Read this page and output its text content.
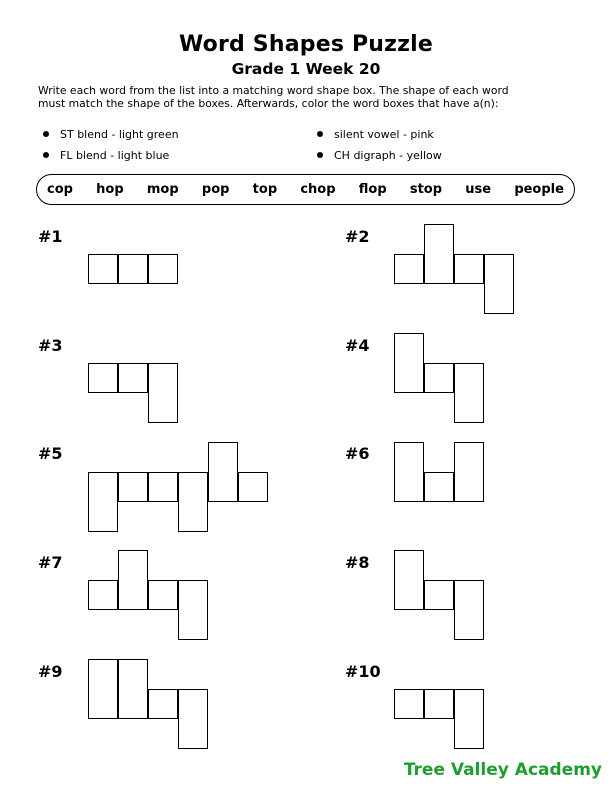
Word Shapes Puzzle
Grade 1 Week 20

Write each word from the list into a matching word shape box. The shape of each word
must match the shape of the boxes. Afterwards, color the word boxes that have a(n):

ST blend - light green
FL blend - light blue
silent vowel - pink
CH digraph - yellow
cop hop mop pop top chop flop stop use people
#1	#2
#3	#4
#5	#6
#7	#8
#9	#10
Tree Valley Academy
